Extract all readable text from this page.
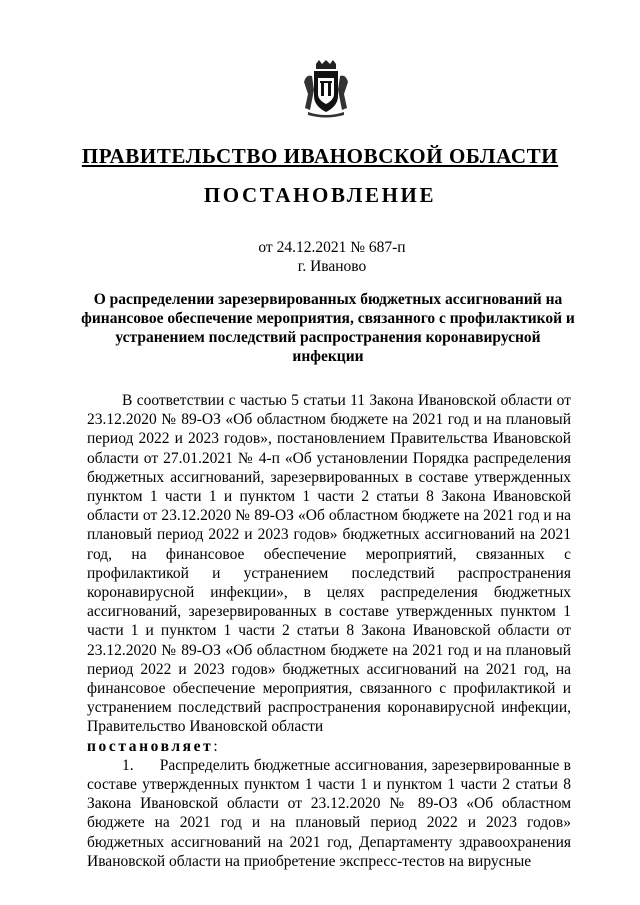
ПРАВИТЕЛЬСТВО ИВАНОВСКОЙ ОБЛАСТИ
ПОСТАНОВЛЕНИЕ
от 24.12.2021 № 687-п
г. Иваново
О распределении зарезервированных бюджетных ассигнований на финансовое обеспечение мероприятия, связанного с профилактикой и устранением последствий распространения коронавирусной инфекции

В соответствии с частью 5 статьи 11 Закона Ивановской области от 23.12.2020 № 89-ОЗ «Об областном бюджете на 2021 год и на плановый период 2022 и 2023 годов», постановлением Правительства Ивановской области от 27.01.2021 № 4-п «Об установлении Порядка распределения бюджетных ассигнований, зарезервированных в составе утвержденных пунктом 1 части 1 и пунктом 1 части 2 статьи 8 Закона Ивановской области от 23.12.2020 № 89-ОЗ «Об областном бюджете на 2021 год и на плановый период 2022 и 2023 годов» бюджетных ассигнований на 2021 год, на финансовое обеспечение мероприятий, связанных с профилактикой и устранением последствий распространения коронавирусной инфекции», в целях распределения бюджетных ассигнований, зарезервированных в составе утвержденных пунктом 1 части 1 и пунктом 1 части 2 статьи 8 Закона Ивановской области от 23.12.2020 № 89-ОЗ «Об областном бюджете на 2021 год и на плановый период 2022 и 2023 годов» бюджетных ассигнований на 2021 год, на финансовое обеспечение мероприятия, связанного с профилактикой и устранением последствий распространения коронавирусной инфекции, Правительство Ивановской области

постановляет:

1. Распределить бюджетные ассигнования, зарезервированные в составе утвержденных пунктом 1 части 1 и пунктом 1 части 2 статьи 8 Закона Ивановской области от 23.12.2020 № 89-ОЗ «Об областном бюджете на 2021 год и на плановый период 2022 и 2023 годов» бюджетных ассигнований на 2021 год, Департаменту здравоохранения Ивановской области на приобретение экспресс-тестов на вирусные
